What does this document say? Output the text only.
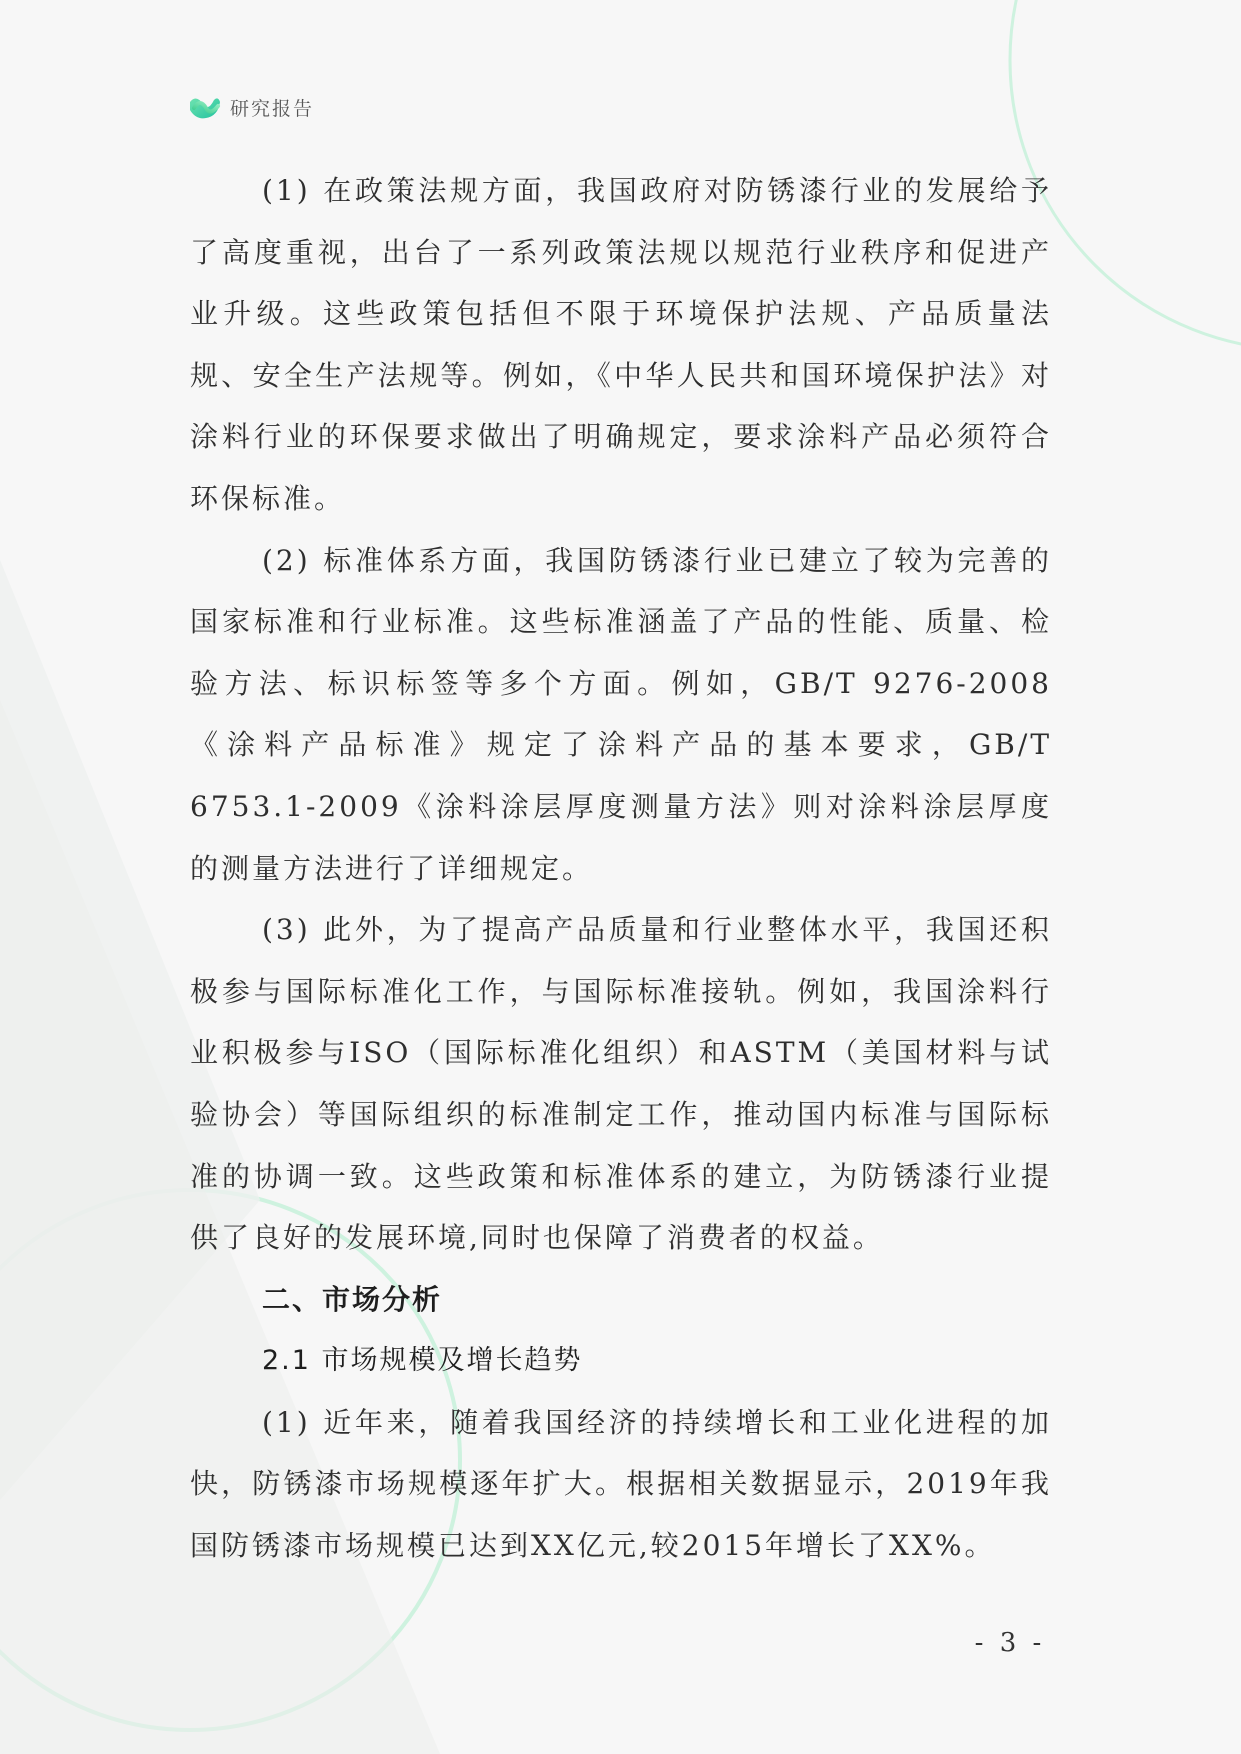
研究报告

(1) 在政策法规方面，我国政府对防锈漆行业的发展给予了高度重视，出台了一系列政策法规以规范行业秩序和促进产业升级。这些政策包括但不限于环境保护法规、产品质量法规、安全生产法规等。例如，《中华人民共和国环境保护法》对涂料行业的环保要求做出了明确规定，要求涂料产品必须符合环保标准。

(2) 标准体系方面，我国防锈漆行业已建立了较为完善的国家标准和行业标准。这些标准涵盖了产品的性能、质量、检验方法、标识标签等多个方面。例如，GB/T 9276-2008《涂料产品标准》规定了涂料产品的基本要求，GB/T 6753.1-2009《涂料涂层厚度测量方法》则对涂料涂层厚度的测量方法进行了详细规定。

(3) 此外，为了提高产品质量和行业整体水平，我国还积极参与国际标准化工作，与国际标准接轨。例如，我国涂料行业积极参与ISO（国际标准化组织）和ASTM（美国材料与试验协会）等国际组织的标准制定工作，推动国内标准与国际标准的协调一致。这些政策和标准体系的建立，为防锈漆行业提供了良好的发展环境,同时也保障了消费者的权益。

二、市场分析

2.1 市场规模及增长趋势

(1) 近年来，随着我国经济的持续增长和工业化进程的加快，防锈漆市场规模逐年扩大。根据相关数据显示，2019年我国防锈漆市场规模已达到XX亿元,较2015年增长了XX%。

- 3 -
